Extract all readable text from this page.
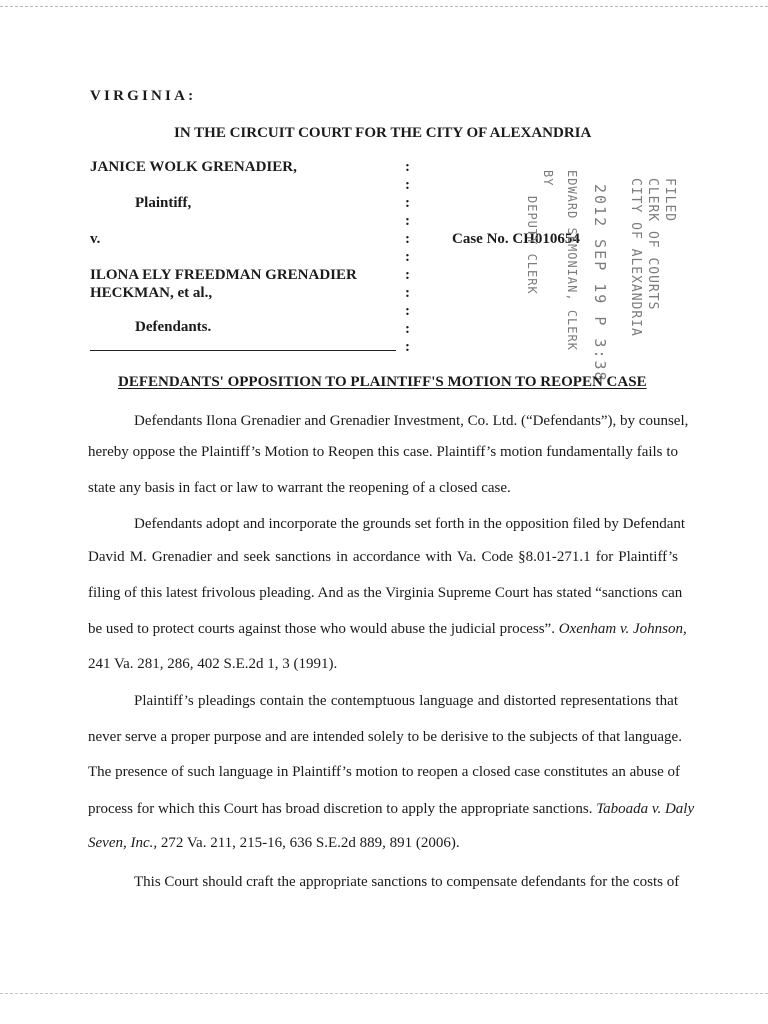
VIRGINIA:
IN THE CIRCUIT COURT FOR THE CITY OF ALEXANDRIA
JANICE WOLK GRENADIER,
Plaintiff,
v.
ILONA ELY FREEDMAN GRENADIER
HECKMAN, et al.,
Defendants.
:
:
:
:
:
:
:
:
:
:
:
Case No. CH010654
FILED
CLERK OF COURTS
CITY OF ALEXANDRIA
2012 SEP 19 P 3:38
EDWARD SEMONIAN, CLERK
BY
DEPUTY CLERK
DEFENDANTS' OPPOSITION TO PLAINTIFF'S MOTION TO REOPEN CASE
Defendants Ilona Grenadier and Grenadier Investment, Co. Ltd. (“Defendants”), by counsel,
hereby oppose the Plaintiff’s Motion to Reopen this case. Plaintiff’s motion fundamentally fails to
state any basis in fact or law to warrant the reopening of a closed case.
Defendants adopt and incorporate the grounds set forth in the opposition filed by Defendant
David M. Grenadier and seek sanctions in accordance with Va. Code §8.01-271.1 for Plaintiff’s
filing of this latest frivolous pleading. And as the Virginia Supreme Court has stated “sanctions can
be used to protect courts against those who would abuse the judicial process”. Oxenham v. Johnson,
241 Va. 281, 286, 402 S.E.2d 1, 3 (1991).
Plaintiff’s pleadings contain the contemptuous language and distorted representations that
never serve a proper purpose and are intended solely to be derisive to the subjects of that language.
The presence of such language in Plaintiff’s motion to reopen a closed case constitutes an abuse of
process for which this Court has broad discretion to apply the appropriate sanctions. Taboada v. Daly
Seven, Inc., 272 Va. 211, 215-16, 636 S.E.2d 889, 891 (2006).
This Court should craft the appropriate sanctions to compensate defendants for the costs of
